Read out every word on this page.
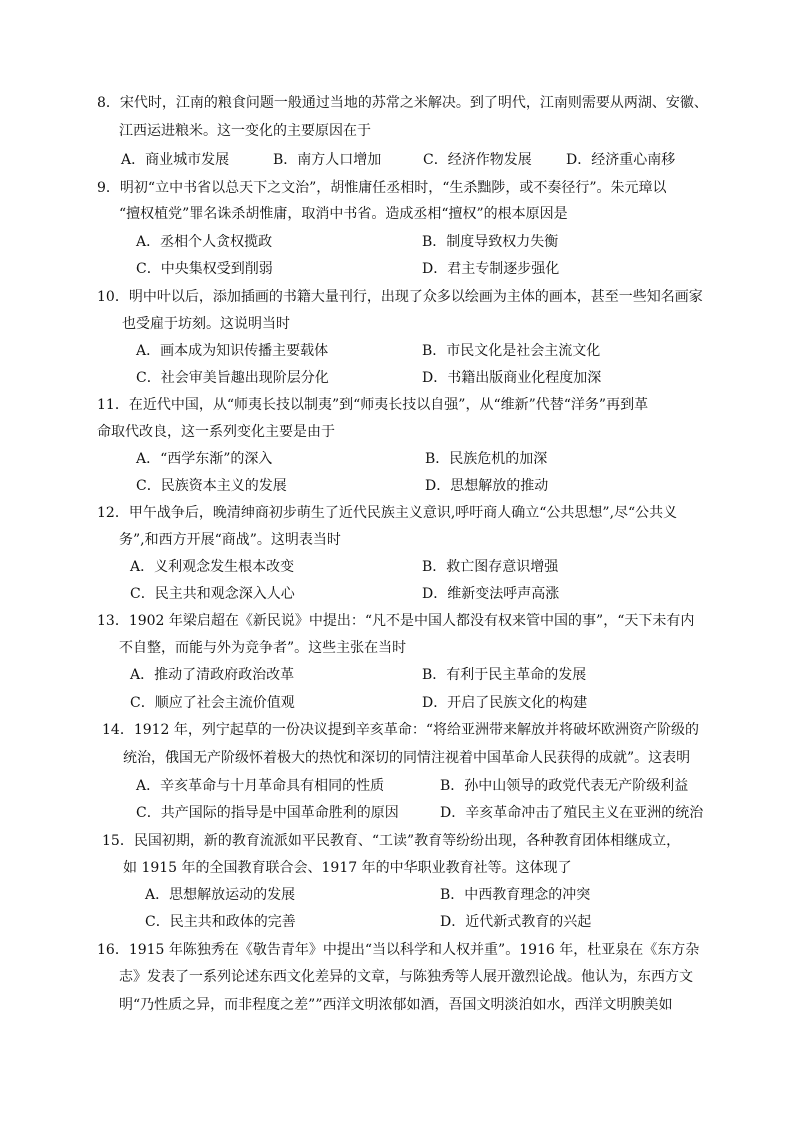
8．宋代时，江南的粮食问题一般通过当地的苏常之米解决。到了明代，江南则需要从两湖、安徽、
江西运进粮米。这一变化的主要原因在于
A．商业城市发展	B．南方人口增加	C．经济作物发展 D．经济重心南移
9．明初“立中书省以总天下之文治”，胡惟庸任丞相时，“生杀黜陟，或不奏径行”。朱元璋以
“擅权植党”罪名诛杀胡惟庸，取消中书省。造成丞相“擅权”的根本原因是
A．丞相个人贪权揽政	B．制度导致权力失衡
C．中央集权受到削弱	D．君主专制逐步强化
10．明中叶以后，添加插画的书籍大量刊行，出现了众多以绘画为主体的画本，甚至一些知名画家
也受雇于坊刻。这说明当时
A．画本成为知识传播主要载体	B．市民文化是社会主流文化
C．社会审美旨趣出现阶层分化	D．书籍出版商业化程度加深
11．在近代中国，从“师夷长技以制夷”到“师夷长技以自强”，从“维新”代替“洋务”再到革
命取代改良，这一系列变化主要是由于
A．“西学东渐”的深入	B．民族危机的加深
C．民族资本主义的发展	D．思想解放的推动
12．甲午战争后，晚清绅商初步萌生了近代民族主义意识,呼吁商人确立“公共思想”,尽“公共义
务”,和西方开展“商战”。这明表当时
A．义利观念发生根本改变	B．救亡图存意识增强
C．民主共和观念深入人心	D．维新变法呼声高涨
13．1902 年梁启超在《新民说》中提出：“凡不是中国人都没有权来管中国的事”，“天下未有内
不自整，而能与外为竞争者”。这些主张在当时
A．推动了清政府政治改革	B．有利于民主革命的发展
C．顺应了社会主流价值观	D．开启了民族文化的构建
14．1912 年，列宁起草的一份决议提到辛亥革命：“将给亚洲带来解放并将破坏欧洲资产阶级的
统治，俄国无产阶级怀着极大的热忱和深切的同情注视着中国革命人民获得的成就”。这表明
A．辛亥革命与十月革命具有相同的性质	B．孙中山领导的政党代表无产阶级利益
C．共产国际的指导是中国革命胜利的原因	D．辛亥革命冲击了殖民主义在亚洲的统治
15．民国初期，新的教育流派如平民教育、“工读”教育等纷纷出现，各种教育团体相继成立，
如 1915 年的全国教育联合会、1917 年的中华职业教育社等。这体现了
A．思想解放运动的发展	B．中西教育理念的冲突
C．民主共和政体的完善	D．近代新式教育的兴起
16．1915 年陈独秀在《敬告青年》中提出“当以科学和人权并重”。1916 年，杜亚泉在《东方杂
志》发表了一系列论述东西文化差异的文章，与陈独秀等人展开激烈论战。他认为，东西方文
明“乃性质之异，而非程度之差””西洋文明浓郁如酒，吾国文明淡泊如水，西洋文明腴美如
